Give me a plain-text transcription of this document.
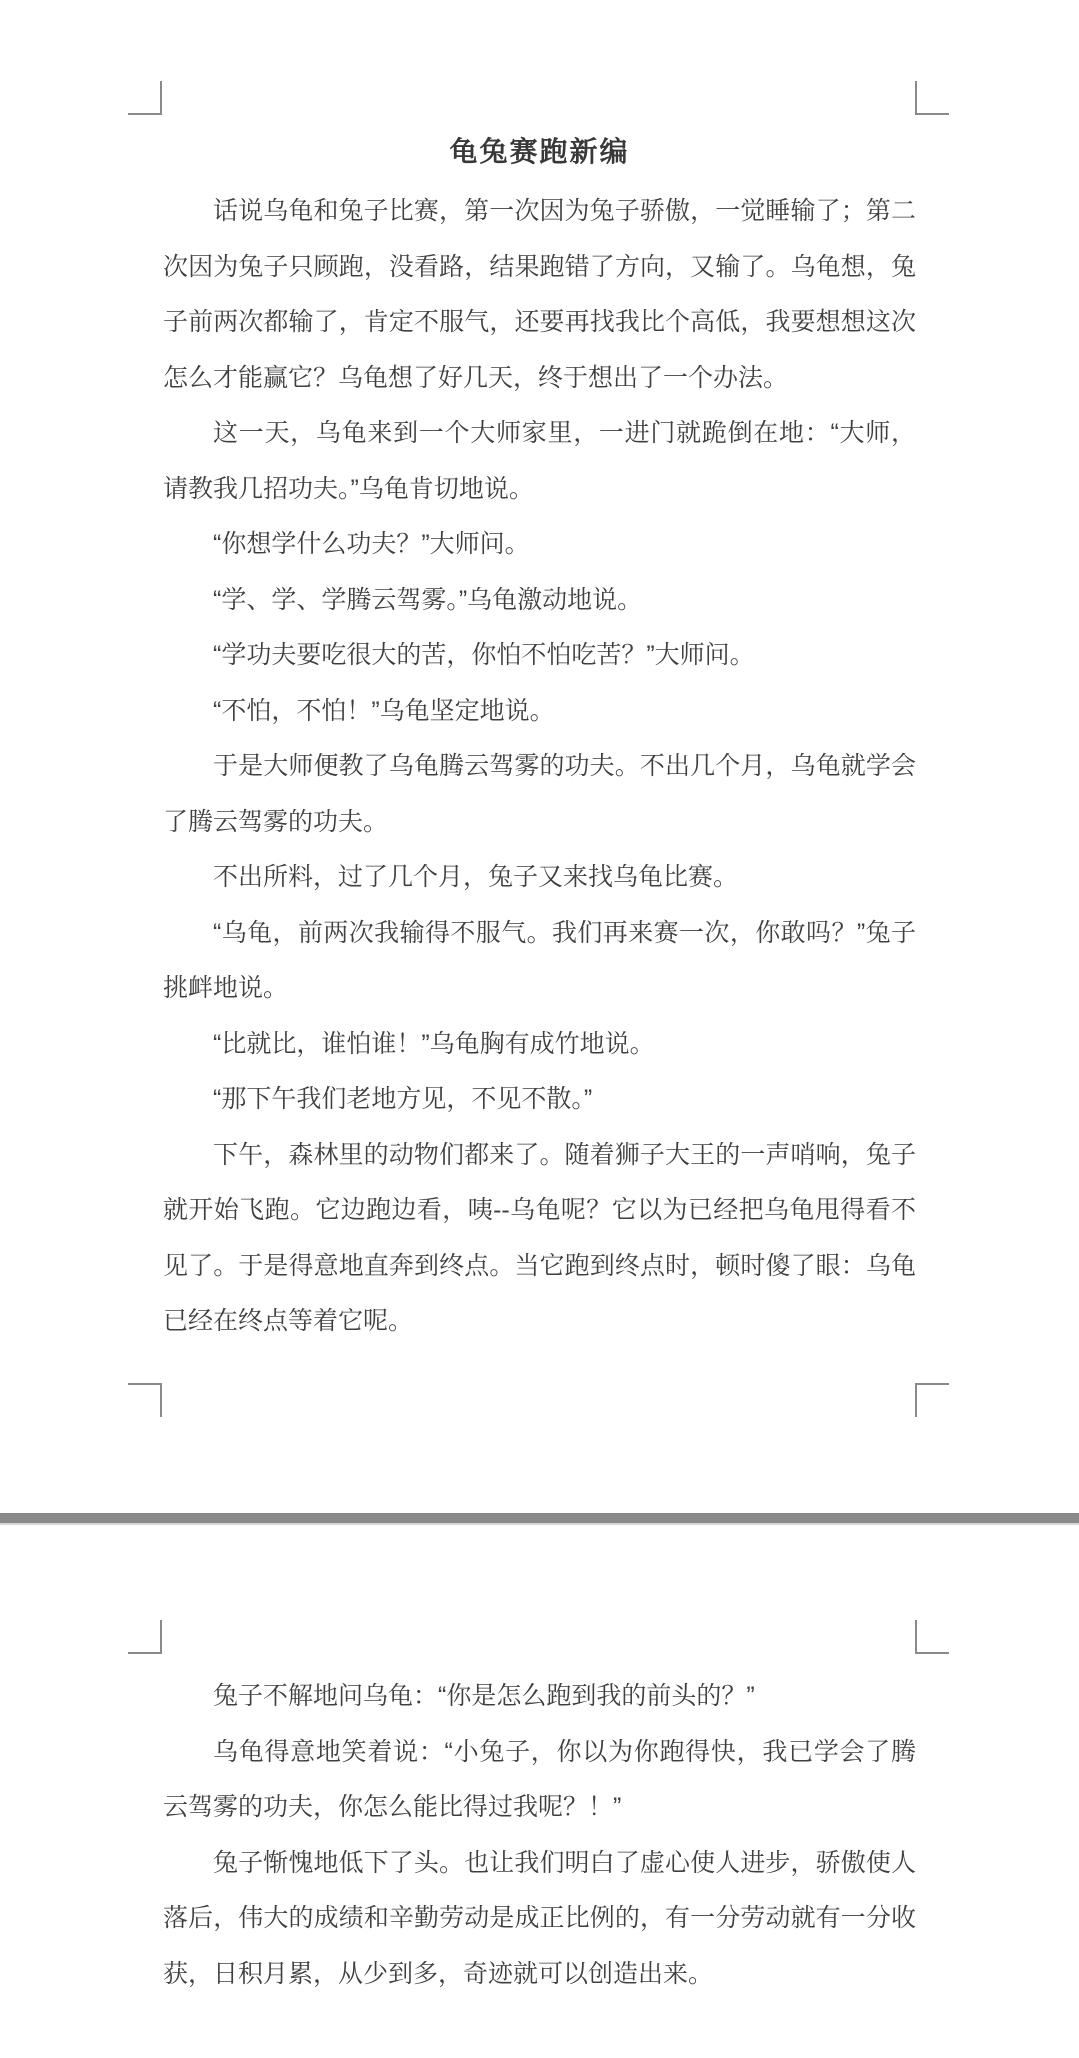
龟兔赛跑新编

话说乌龟和兔子比赛，第一次因为兔子骄傲，一觉睡输了；第二次因为兔子只顾跑，没看路，结果跑错了方向，又输了。乌龟想，兔子前两次都输了，肯定不服气，还要再找我比个高低，我要想想这次怎么才能赢它？乌龟想了好几天，终于想出了一个办法。

这一天，乌龟来到一个大师家里，一进门就跪倒在地：“大师，请教我几招功夫。”乌龟肯切地说。

“你想学什么功夫？”大师问。

“学、学、学腾云驾雾。”乌龟激动地说。

“学功夫要吃很大的苦，你怕不怕吃苦？”大师问。

“不怕，不怕！”乌龟坚定地说。

于是大师便教了乌龟腾云驾雾的功夫。不出几个月，乌龟就学会了腾云驾雾的功夫。

不出所料，过了几个月，兔子又来找乌龟比赛。

“乌龟，前两次我输得不服气。我们再来赛一次，你敢吗？”兔子挑衅地说。

“比就比，谁怕谁！”乌龟胸有成竹地说。

“那下午我们老地方见，不见不散。”

下午，森林里的动物们都来了。随着狮子大王的一声哨响，兔子就开始飞跑。它边跑边看，咦--乌龟呢？它以为已经把乌龟甩得看不见了。于是得意地直奔到终点。当它跑到终点时，顿时傻了眼：乌龟已经在终点等着它呢。

兔子不解地问乌龟：“你是怎么跑到我的前头的？”

乌龟得意地笑着说：“小兔子，你以为你跑得快，我已学会了腾云驾雾的功夫，你怎么能比得过我呢？！”

兔子惭愧地低下了头。也让我们明白了虚心使人进步，骄傲使人落后，伟大的成绩和辛勤劳动是成正比例的，有一分劳动就有一分收获，日积月累，从少到多，奇迹就可以创造出来。
